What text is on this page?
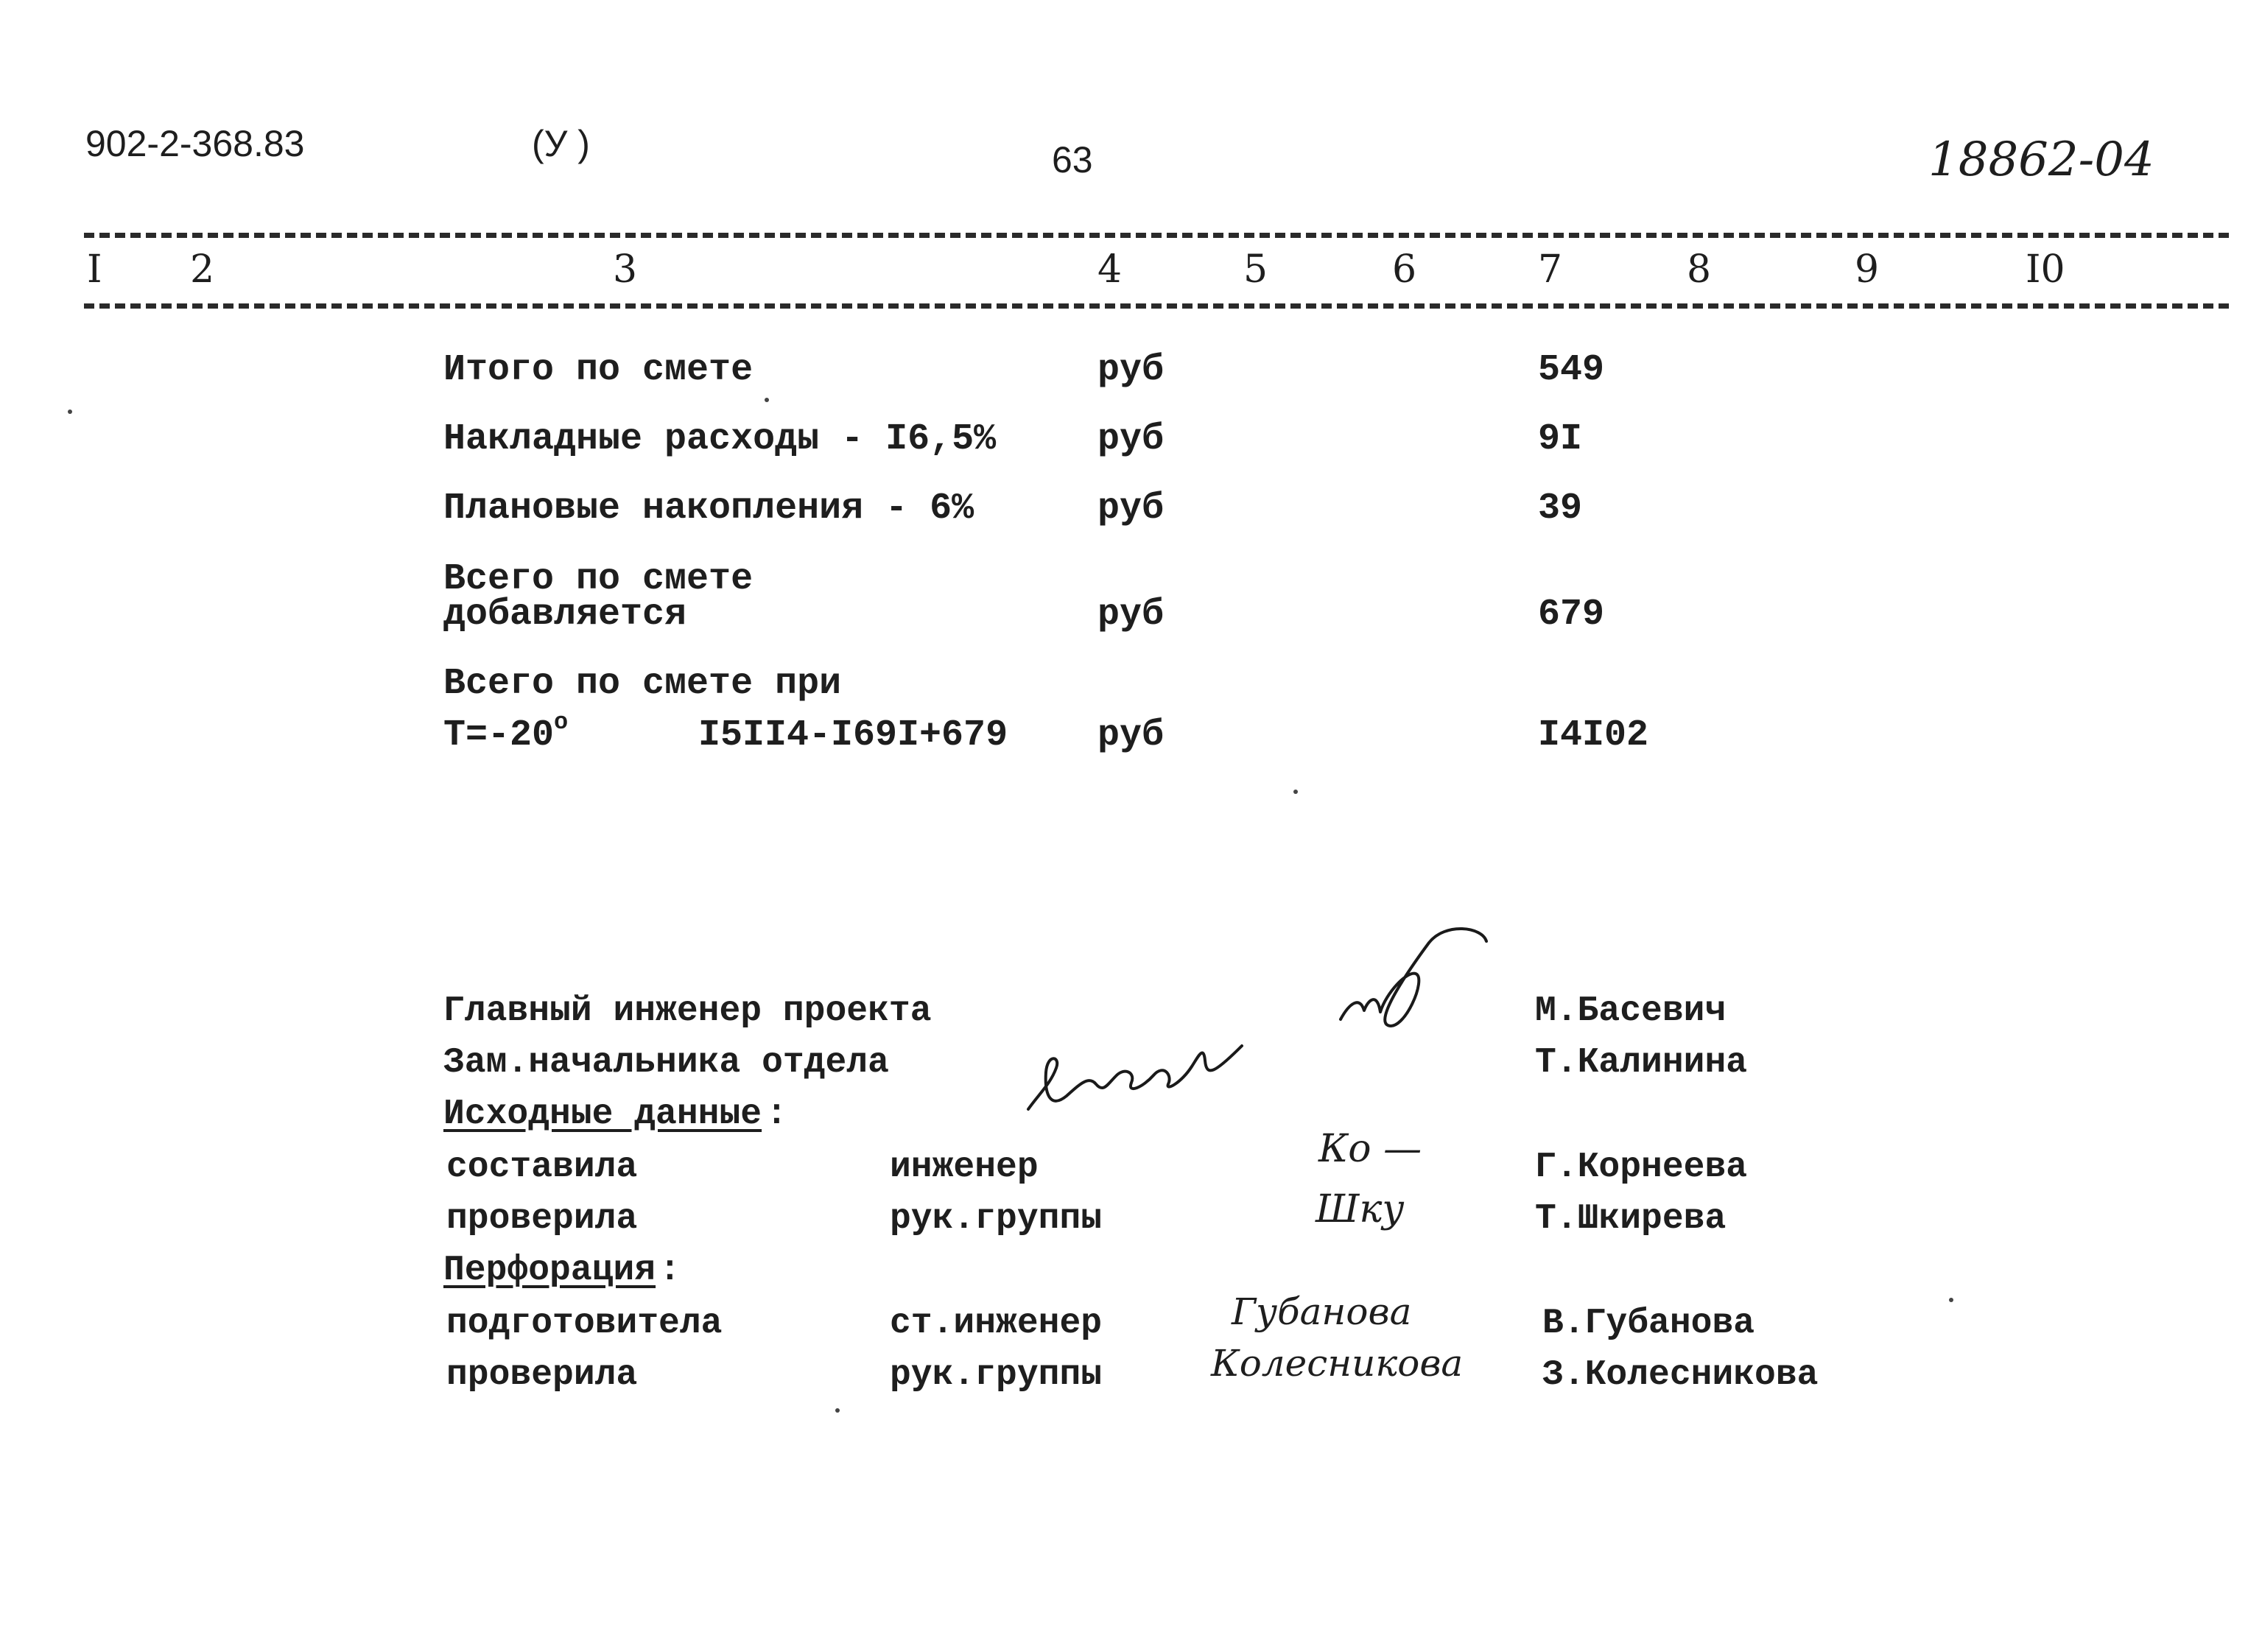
902-2-368.83	(У )	63	18862-04
I 2	3	4	5	6	7	8	9	I0
Итого по смете	руб	549
Накладные расходы - I6,5%	руб	9I
Плановые накопления - 6%	руб	39
Всего по смете
добавляется	руб	679
Всего по смете при
$Т=-20^о$	I5II4-I69I+679 руб	I4I02
Главный инженер проекта	М.Басевич
Зам.начальника отдела	Т.Калинина
Исходные данные :
составила	инженер	Ко —	Г.Корнеева
проверила	рук.группы	Шку	Т.Шкирева
Перфорация :
подготовитела	ст.инженер	Губанова	В.Губанова
проверила	рук.группы	Колесникова З.Колесникова
